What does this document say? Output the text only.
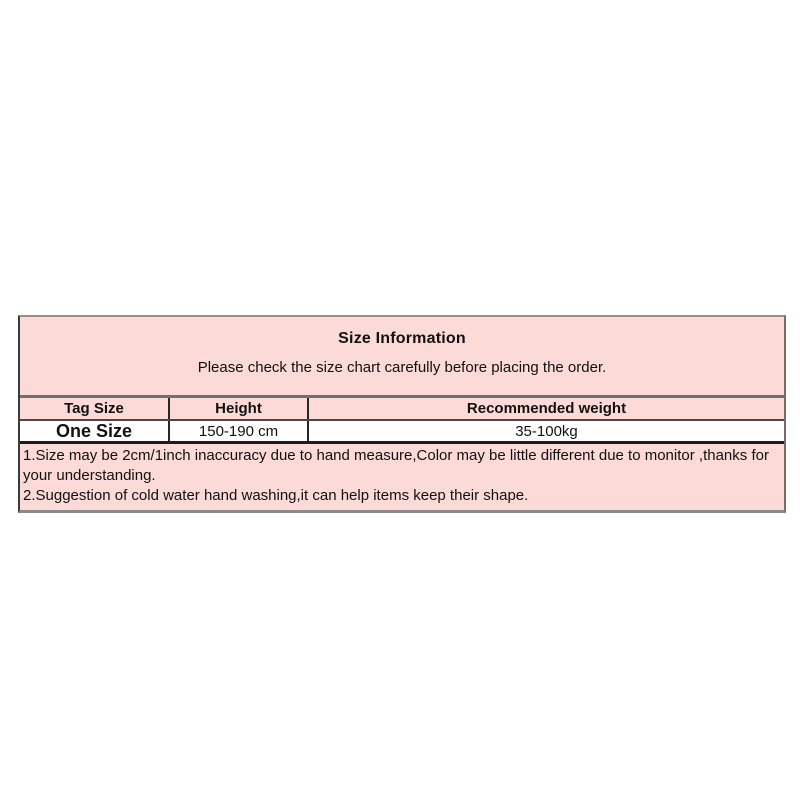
Size Information
Please check the size chart carefully before placing the order.
Tag Size	Height	Recommended weight
One Size	150-190 cm	35-100kg

1.Size may be 2cm/1inch inaccuracy due to hand measure,Color may be little different due to monitor ,thanks for your understanding.

2.Suggestion of cold water hand washing,it can help items keep their shape.
